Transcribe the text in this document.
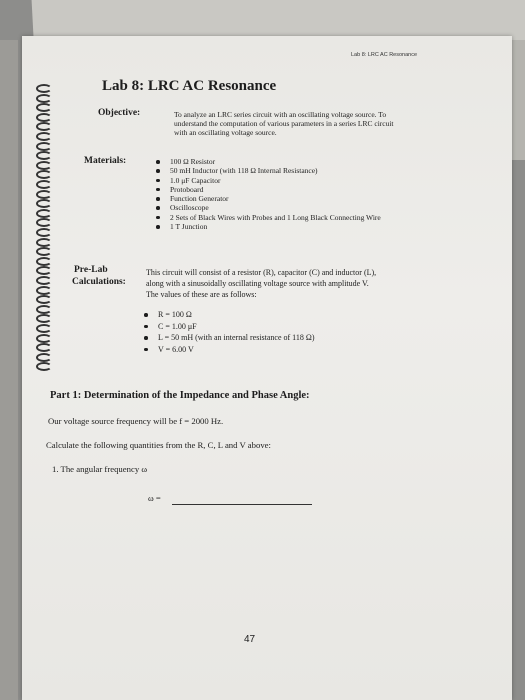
Lab 8: LRC AC Resonance
Lab 8: LRC AC Resonance
Objective:	To analyze an LRC series circuit with an oscillating voltage source. To
understand the computation of various parameters in a series LRC circuit
with an oscillating voltage source.
Materials:	100 Ω Resistor
50 mH Inductor (with 118 Ω Internal Resistance)
1.0 μF Capacitor
Protoboard
Function Generator
Oscilloscope
2 Sets of Black Wires with Probes and 1 Long Black Connecting Wire
1 T Junction
Pre-Lab
Calculations:
This circuit will consist of a resistor (R), capacitor (C) and inductor (L),
along with a sinusoidally oscillating voltage source with amplitude V.
The values of these are as follows:
R = 100 Ω
C = 1.00 μF
L = 50 mH (with an internal resistance of 118 Ω)
V = 6.00 V
Part 1: Determination of the Impedance and Phase Angle:
Our voltage source frequency will be f = 2000 Hz.
Calculate the following quantities from the R, C, L and V above:
1. The angular frequency ω
ω =
47
